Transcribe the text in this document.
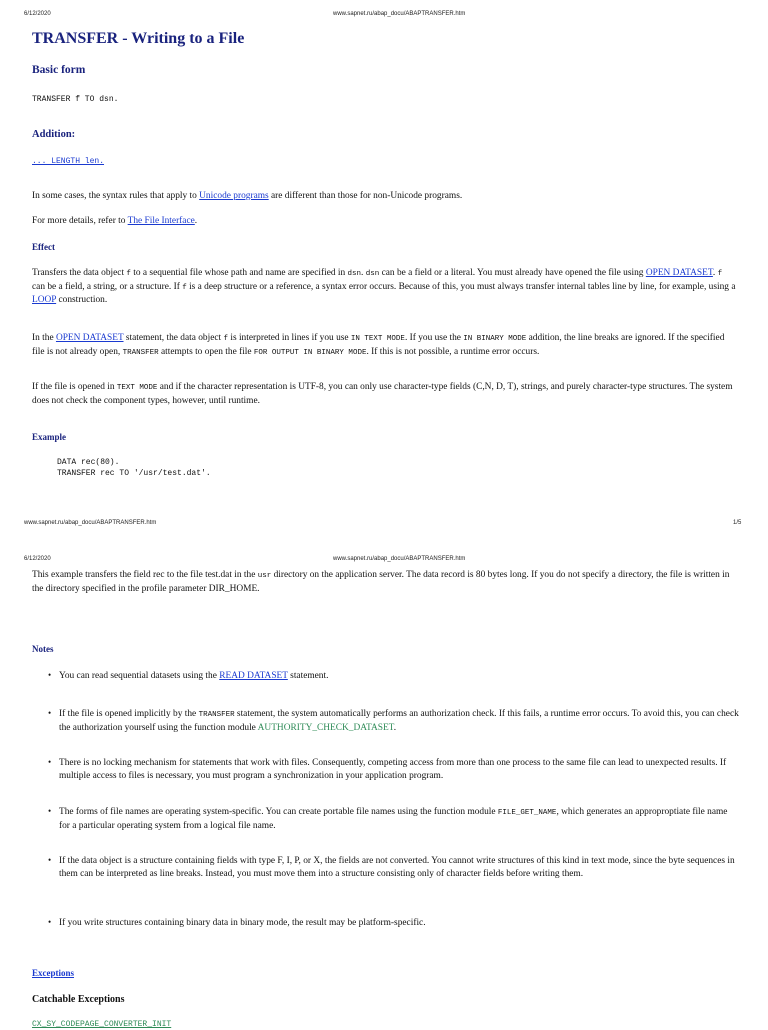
6/12/2020	www.sapnet.ru/abap_docu/ABAPTRANSFER.htm
TRANSFER - Writing to a File
Basic form
TRANSFER f TO dsn.
Addition:
... LENGTH len.

In some cases, the syntax rules that apply to Unicode programs are different than those for non-Unicode programs.

For more details, refer to The File Interface.

Effect

Transfers the data object f to a sequential file whose path and name are specified in dsn. dsn can be a field or a literal. You must already have opened the file using OPEN DATASET. f can be a field, a string, or a structure. If f is a deep structure or a reference, a syntax error occurs. Because of this, you must always transfer internal tables line by line, for example, using a LOOP construction.

In the OPEN DATASET statement, the data object f is interpreted in lines if you use IN TEXT MODE. If you use the IN BINARY MODE addition, the line breaks are ignored. If the specified file is not already open, TRANSFER attempts to open the file FOR OUTPUT IN BINARY MODE. If this is not possible, a runtime error occurs.

If the file is opened in TEXT MODE and if the character representation is UTF-8, you can only use character-type fields (C,N, D, T), strings, and purely character-type structures. The system does not check the component types, however, until runtime.

Example
DATA rec(80).
TRANSFER rec TO '/usr/test.dat'.
www.sapnet.ru/abap_docu/ABAPTRANSFER.htm	1/5
6/12/2020	www.sapnet.ru/abap_docu/ABAPTRANSFER.htm

This example transfers the field rec to the file test.dat in the usr directory on the application server. The data record is 80 bytes long. If you do not specify a directory, the file is written in the directory specified in the profile parameter DIR_HOME.

Notes
• You can read sequential datasets using the READ DATASET statement.

• If the file is opened implicitly by the TRANSFER statement, the system automatically performs an authorization check. If this fails, a runtime error occurs. To avoid this, you can check the authorization yourself using the function module AUTHORITY_CHECK_DATASET.

• There is no locking mechanism for statements that work with files. Consequently, competing access from more than one process to the same file can lead to unexpected results. If multiple access to files is necessary, you must program a synchronization in your application program.

• The forms of file names are operating system-specific. You can create portable file names using the function module FILE_GET_NAME, which generates an approproptiate file name for a particular operating system from a logical file name.

• If the data object is a structure containing fields with type F, I, P, or X, the fields are not converted. You cannot write structures of this kind in text mode, since the byte sequences in them can be interpreted as line breaks. Instead, you must move them into a structure consisting only of character fields before writing them.

• If you write structures containing binary data in binary mode, the result may be platform-specific.

Exceptions
Catchable Exceptions
CX_SY_CODEPAGE_CONVERTER_INIT
